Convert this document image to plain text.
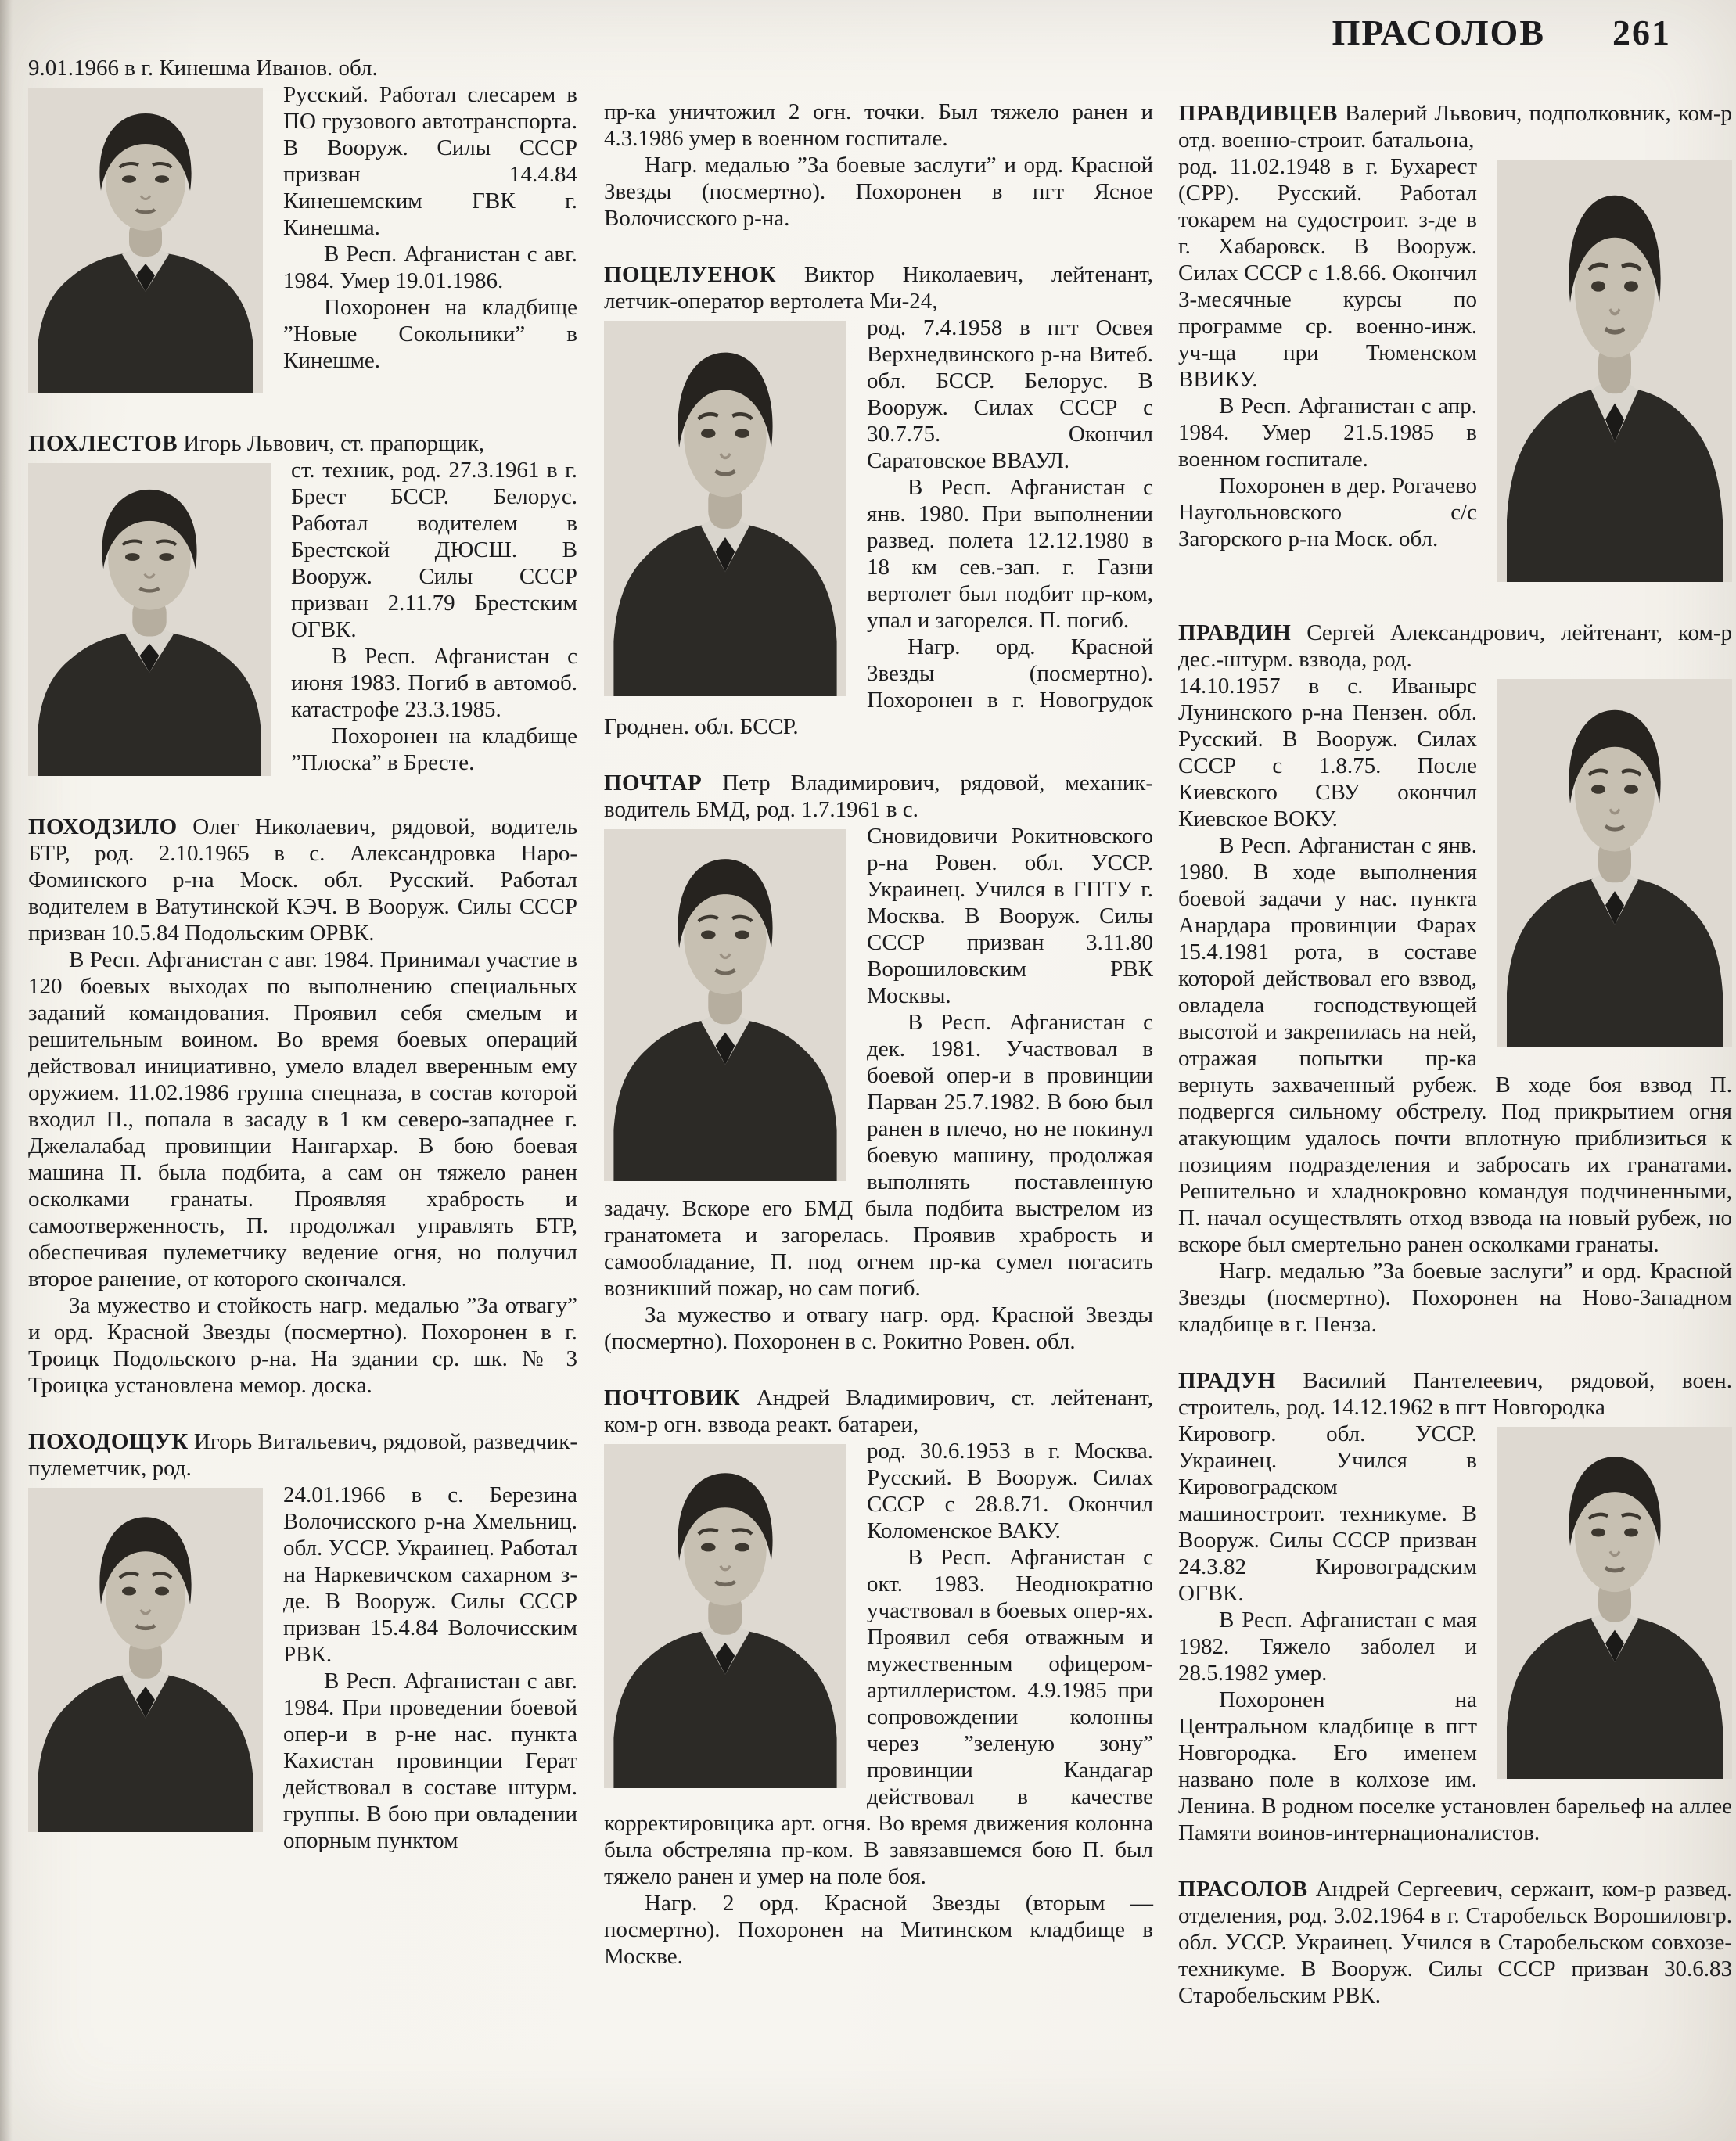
ПРАСОЛОВ 261

9.01.1966 в г. Кинешма Иванов. обл.

Русский. Работал слесарем в ПО грузового автотранспорта. В Вооруж. Силы СССР призван 14.4.84 Кинешемским ГВК г. Кинешма.

В Респ. Афганистан с авг. 1984. Умер 19.01.1986.

Похоронен на кладбище ”Новые Сокольники” в Кинешме.

ПОХЛЕСТОВ Игорь Львович, ст. прапорщик,

ст. техник, род. 27.3.1961 в г. Брест БССР. Белорус. Работал водителем в Брестской ДЮСШ. В Вооруж. Силы СССР призван 2.11.79 Брестским ОГВК.

В Респ. Афганистан с июня 1983. Погиб в автомоб. катастрофе 23.3.1985.

Похоронен на кладбище ”Плоска” в Бресте.

ПОХОДЗИЛО Олег Николаевич, рядовой, водитель БТР, род. 2.10.1965 в с. Александровка Наро-Фоминского р-на Моск. обл. Русский. Работал водителем в Ватутинской КЭЧ. В Вооруж. Силы СССР призван 10.5.84 Подольским ОРВК.

В Респ. Афганистан с авг. 1984. Принимал участие в 120 боевых выходах по выполнению специальных заданий командования. Проявил себя смелым и решительным воином. Во время боевых операций действовал инициативно, умело владел вверенным ему оружием. 11.02.1986 группа спецназа, в состав которой входил П., попала в засаду в 1 км северо-западнее г. Джелалабад провинции Нангархар. В бою боевая машина П. была подбита, а сам он тяжело ранен осколками гранаты. Проявляя храбрость и самоотверженность, П. продолжал управлять БТР, обеспечивая пулеметчику ведение огня, но получил второе ранение, от которого скончался.

За мужество и стойкость нагр. медалью ”За отвагу” и орд. Красной Звезды (посмертно). Похоронен в г. Троицк Подольского р-на. На здании ср. шк. № 3 Троицка установлена мемор. доска.

ПОХОДОЩУК Игорь Витальевич, рядовой, разведчик-пулеметчик, род.

24.01.1966 в с. Березина Волочисского р-на Хмельниц. обл. УССР. Украинец. Работал на Наркевичском сахарном з-де. В Вооруж. Силы СССР призван 15.4.84 Волочисским РВК.

В Респ. Афганистан с авг. 1984. При проведении боевой опер-и в р-не нас. пункта Кахистан провинции Герат действовал в составе штурм. группы. В бою при овладении опорным пунктом

пр-ка уничтожил 2 огн. точки. Был тяжело ранен и 4.3.1986 умер в военном госпитале.

Нагр. медалью ”За боевые заслуги” и орд. Красной Звезды (посмертно). Похоронен в пгт Ясное Волочисского р-на.

ПОЦЕЛУЕНОК Виктор Николаевич, лейтенант, летчик-оператор вертолета Ми-24,

род. 7.4.1958 в пгт Освея Верхнедвинского р-на Витеб. обл. БССР. Белорус. В Вооруж. Силах СССР с 30.7.75. Окончил Саратовское ВВАУЛ.

В Респ. Афганистан с янв. 1980. При выполнении развед. полета 12.12.1980 в 18 км сев.-зап. г. Газни вертолет был подбит пр-ком, упал и загорелся. П. погиб.

Нагр. орд. Красной Звезды (посмертно). Похоронен в г. Новогрудок Гроднен. обл. БССР.

ПОЧТАР Петр Владимирович, рядовой, механик-водитель БМД, род. 1.7.1961 в с.

Сновидовичи Рокитновского р-на Ровен. обл. УССР. Украинец. Учился в ГПТУ г. Москва. В Вооруж. Силы СССР призван 3.11.80 Ворошиловским РВК Москвы.

В Респ. Афганистан с дек. 1981. Участвовал в боевой опер-и в провинции Парван 25.7.1982. В бою был ранен в плечо, но не покинул боевую машину, продолжая выполнять поставленную задачу. Вскоре его БМД была подбита выстрелом из гранатомета и загорелась. Проявив храбрость и самообладание, П. под огнем пр-ка сумел погасить возникший пожар, но сам погиб.

За мужество и отвагу нагр. орд. Красной Звезды (посмертно). Похоронен в с. Рокитно Ровен. обл.

ПОЧТОВИК Андрей Владимирович, ст. лейтенант, ком-р огн. взвода реакт. батареи,

род. 30.6.1953 в г. Москва. Русский. В Вооруж. Силах СССР с 28.8.71. Окончил Коломенское ВАКУ.

В Респ. Афганистан с окт. 1983. Неоднократно участвовал в боевых опер-ях. Проявил себя отважным и мужественным офицером-артиллеристом. 4.9.1985 при сопровождении колонны через ”зеленую зону” провинции Кандагар действовал в качестве корректировщика арт. огня. Во время движения колонна была обстреляна пр-ком. В завязавшемся бою П. был тяжело ранен и умер на поле боя.

Нагр. 2 орд. Красной Звезды (вторым — посмертно). Похоронен на Митинском кладбище в Москве.

ПРАВДИВЦЕВ Валерий Львович, подполковник, ком-р отд. военно-строит. батальона,

род. 11.02.1948 в г. Бухарест (СРР). Русский. Работал токарем на судостроит. з-де в г. Хабаровск. В Вооруж. Силах СССР с 1.8.66. Окончил 3-месячные курсы по программе ср. военно-инж. уч-ща при Тюменском ВВИКУ.

В Респ. Афганистан с апр. 1984. Умер 21.5.1985 в военном госпитале.

Похоронен в дер. Рогачево Наугольновского с/с Загорского р-на Моск. обл.

ПРАВДИН Сергей Александрович, лейтенант, ком-р дес.-штурм. взвода, род.

14.10.1957 в с. Иванырс Лунинского р-на Пензен. обл. Русский. В Вооруж. Силах СССР с 1.8.75. После Киевского СВУ окончил Киевское ВОКУ.

В Респ. Афганистан с янв. 1980. В ходе выполнения боевой задачи у нас. пункта Анардара провинции Фарах 15.4.1981 рота, в составе которой действовал его взвод, овладела господствующей высотой и закрепилась на ней, отражая попытки пр-ка вернуть захваченный рубеж. В ходе боя взвод П. подвергся сильному обстрелу. Под прикрытием огня атакующим удалось почти вплотную приблизиться к позициям подразделения и забросать их гранатами. Решительно и хладнокровно командуя подчиненными, П. начал осуществлять отход взвода на новый рубеж, но вскоре был смертельно ранен осколками гранаты.

Нагр. медалью ”За боевые заслуги” и орд. Красной Звезды (посмертно). Похоронен на Ново-Западном кладбище в г. Пенза.

ПРАДУН Василий Пантелеевич, рядовой, воен. строитель, род. 14.12.1962 в пгт Новгородка

Кировогр. обл. УССР. Украинец. Учился в Кировоградском машиностроит. техникуме. В Вооруж. Силы СССР призван 24.3.82 Кировоградским ОГВК.

В Респ. Афганистан с мая 1982. Тяжело заболел и 28.5.1982 умер.

Похоронен на Центральном кладбище в пгт Новгородка. Его именем названо поле в колхозе им. Ленина. В родном поселке установлен барельеф на аллее Памяти воинов-интернационалистов.

ПРАСОЛОВ Андрей Сергеевич, сержант, ком-р развед. отделения, род. 3.02.1964 в г. Старобельск Ворошиловгр. обл. УССР. Украинец. Учился в Старобельском совхозе-техникуме. В Вооруж. Силы СССР призван 30.6.83 Старобельским РВК.
